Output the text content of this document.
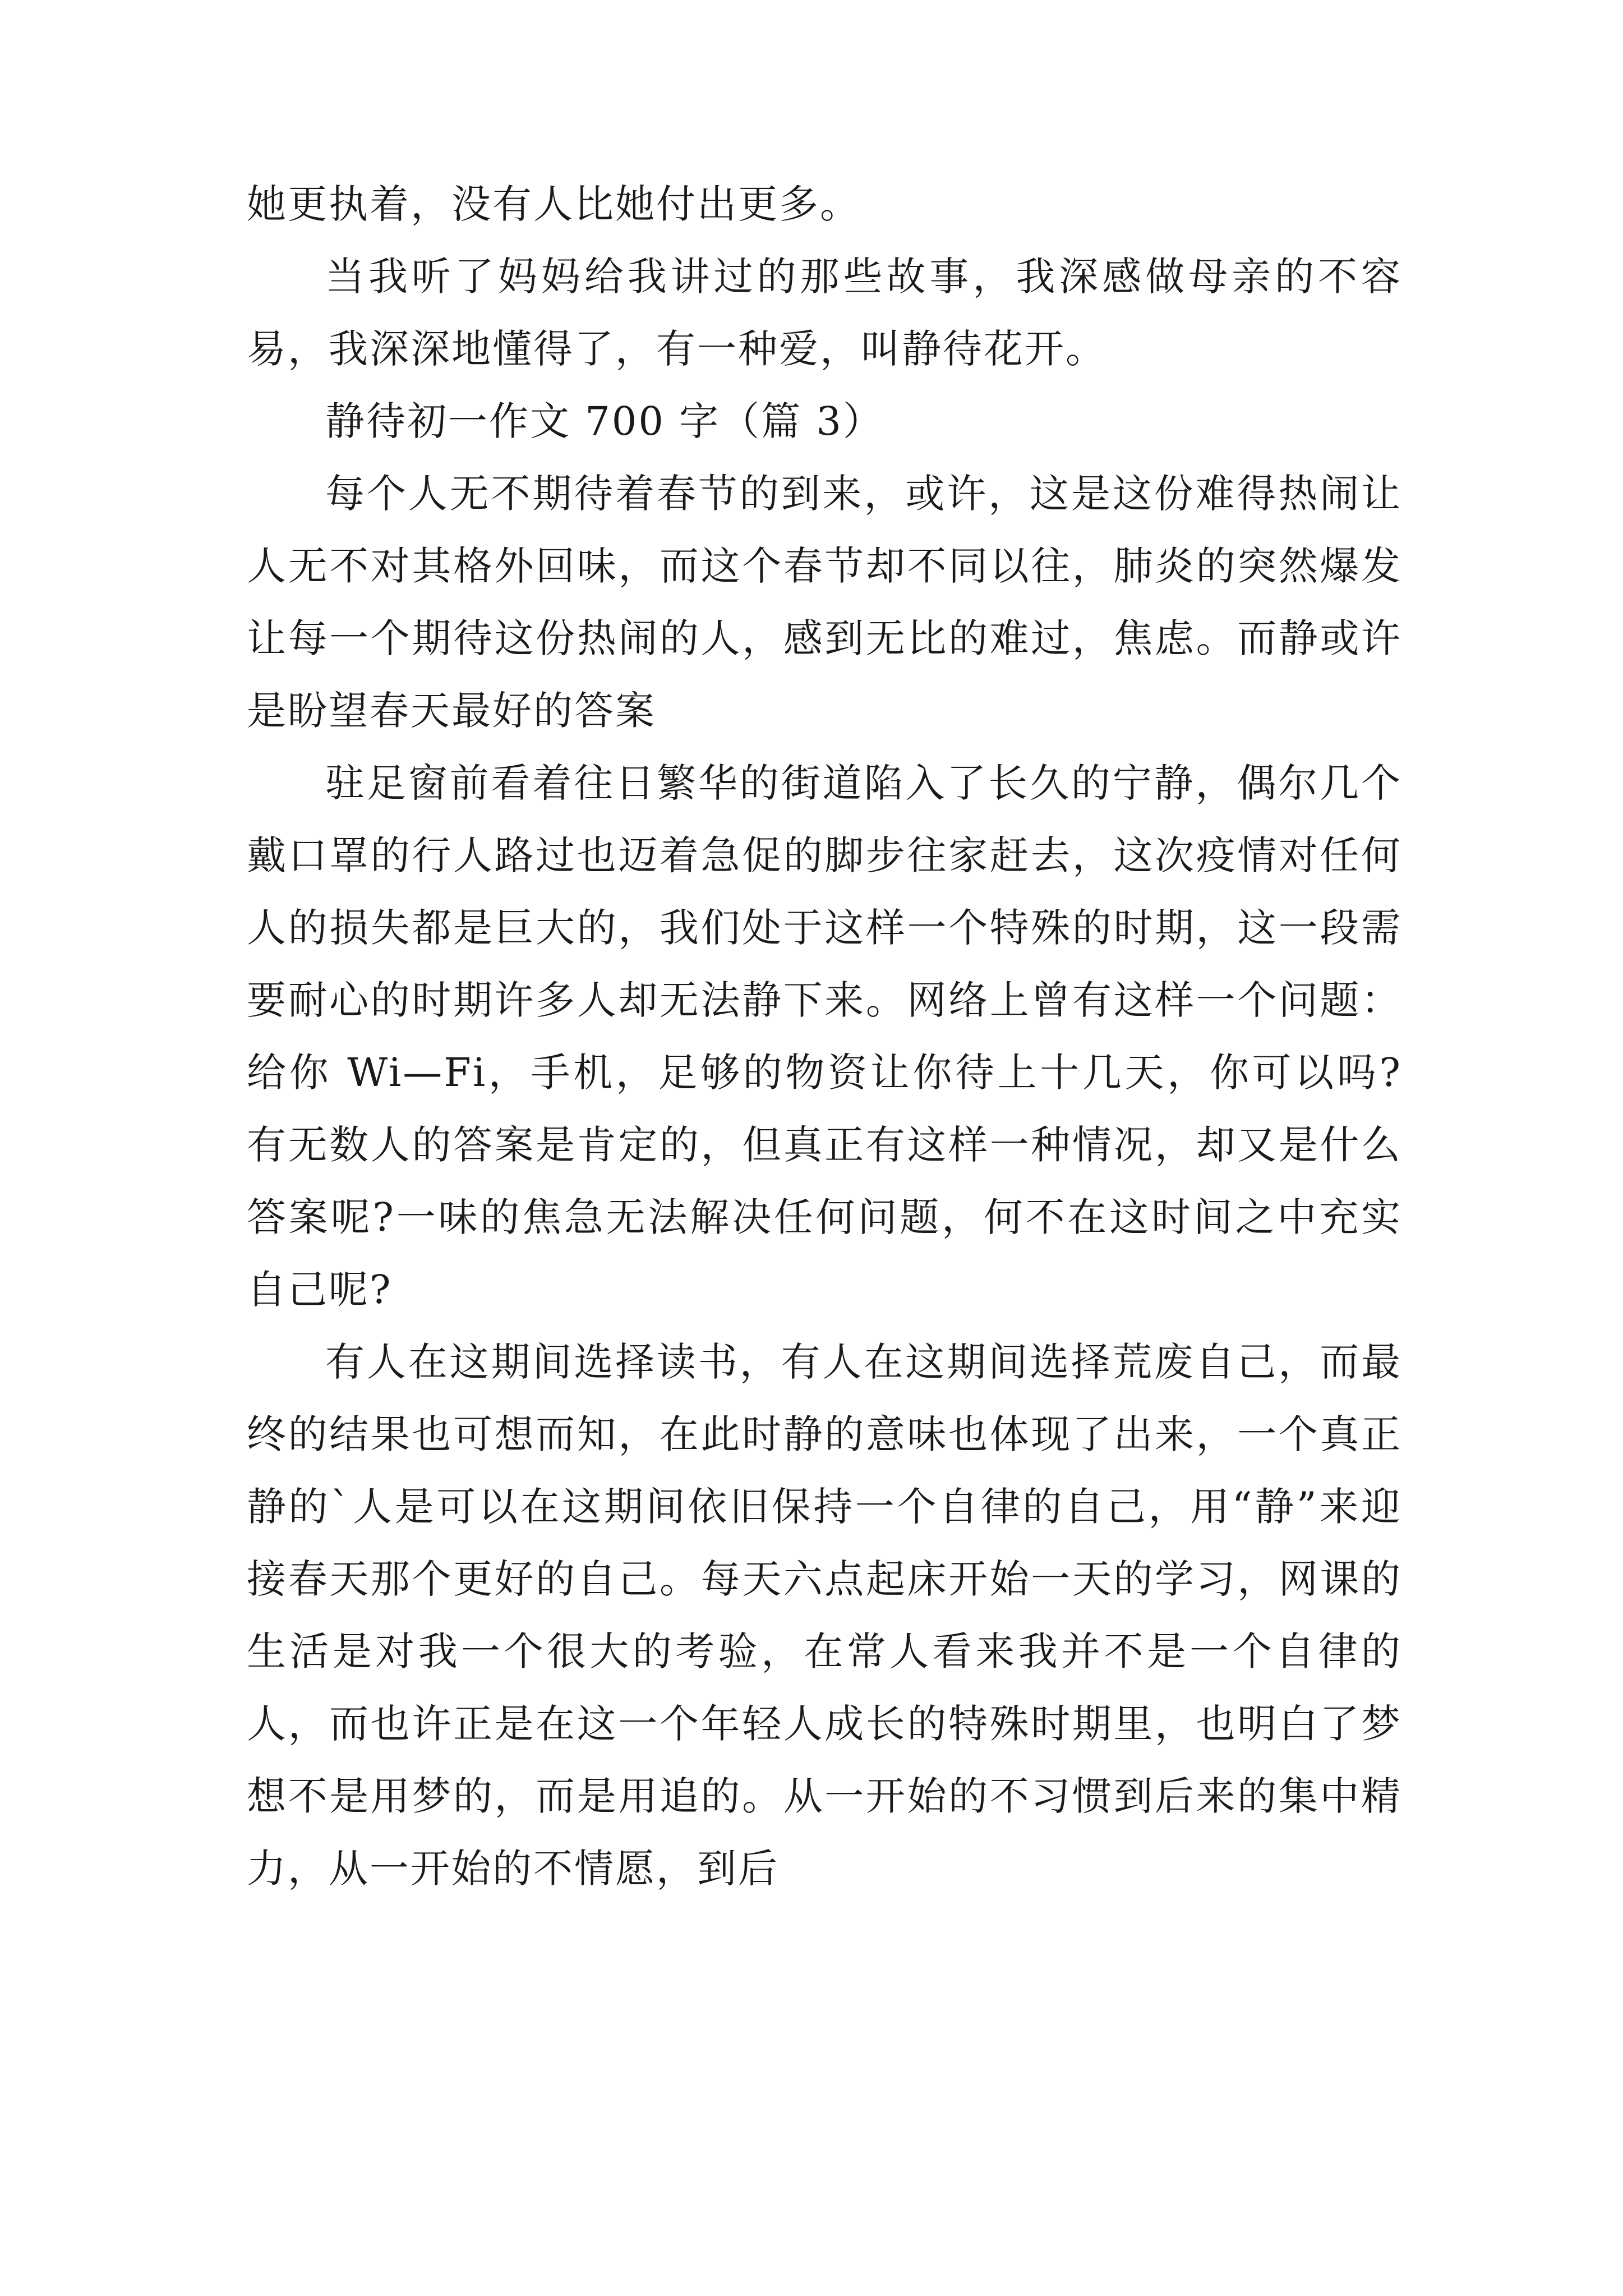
她更执着，没有人比她付出更多。

当我听了妈妈给我讲过的那些故事，我深感做母亲的不容易，我深深地懂得了，有一种爱，叫静待花开。

静待初一作文 700 字（篇 3）

每个人无不期待着春节的到来，或许，这是这份难得热闹让人无不对其格外回味，而这个春节却不同以往，肺炎的突然爆发让每一个期待这份热闹的人，感到无比的难过，焦虑。而静或许是盼望春天最好的答案

驻足窗前看着往日繁华的街道陷入了长久的宁静，偶尔几个戴口罩的行人路过也迈着急促的脚步往家赶去，这次疫情对任何人的损失都是巨大的，我们处于这样一个特殊的时期，这一段需要耐心的时期许多人却无法静下来。网络上曾有这样一个问题：给你 Wi—Fi，手机，足够的物资让你待上十几天，你可以吗?有无数人的答案是肯定的，但真正有这样一种情况，却又是什么答案呢?一味的焦急无法解决任何问题，何不在这时间之中充实自己呢?

有人在这期间选择读书，有人在这期间选择荒废自己，而最终的结果也可想而知，在此时静的意味也体现了出来，一个真正静的`人是可以在这期间依旧保持一个自律的自己，用“静”来迎接春天那个更好的自己。每天六点起床开始一天的学习，网课的生活是对我一个很大的考验，在常人看来我并不是一个自律的人，而也许正是在这一个年轻人成长的特殊时期里，也明白了梦想不是用梦的，而是用追的。从一开始的不习惯到后来的集中精力，从一开始的不情愿，到后
